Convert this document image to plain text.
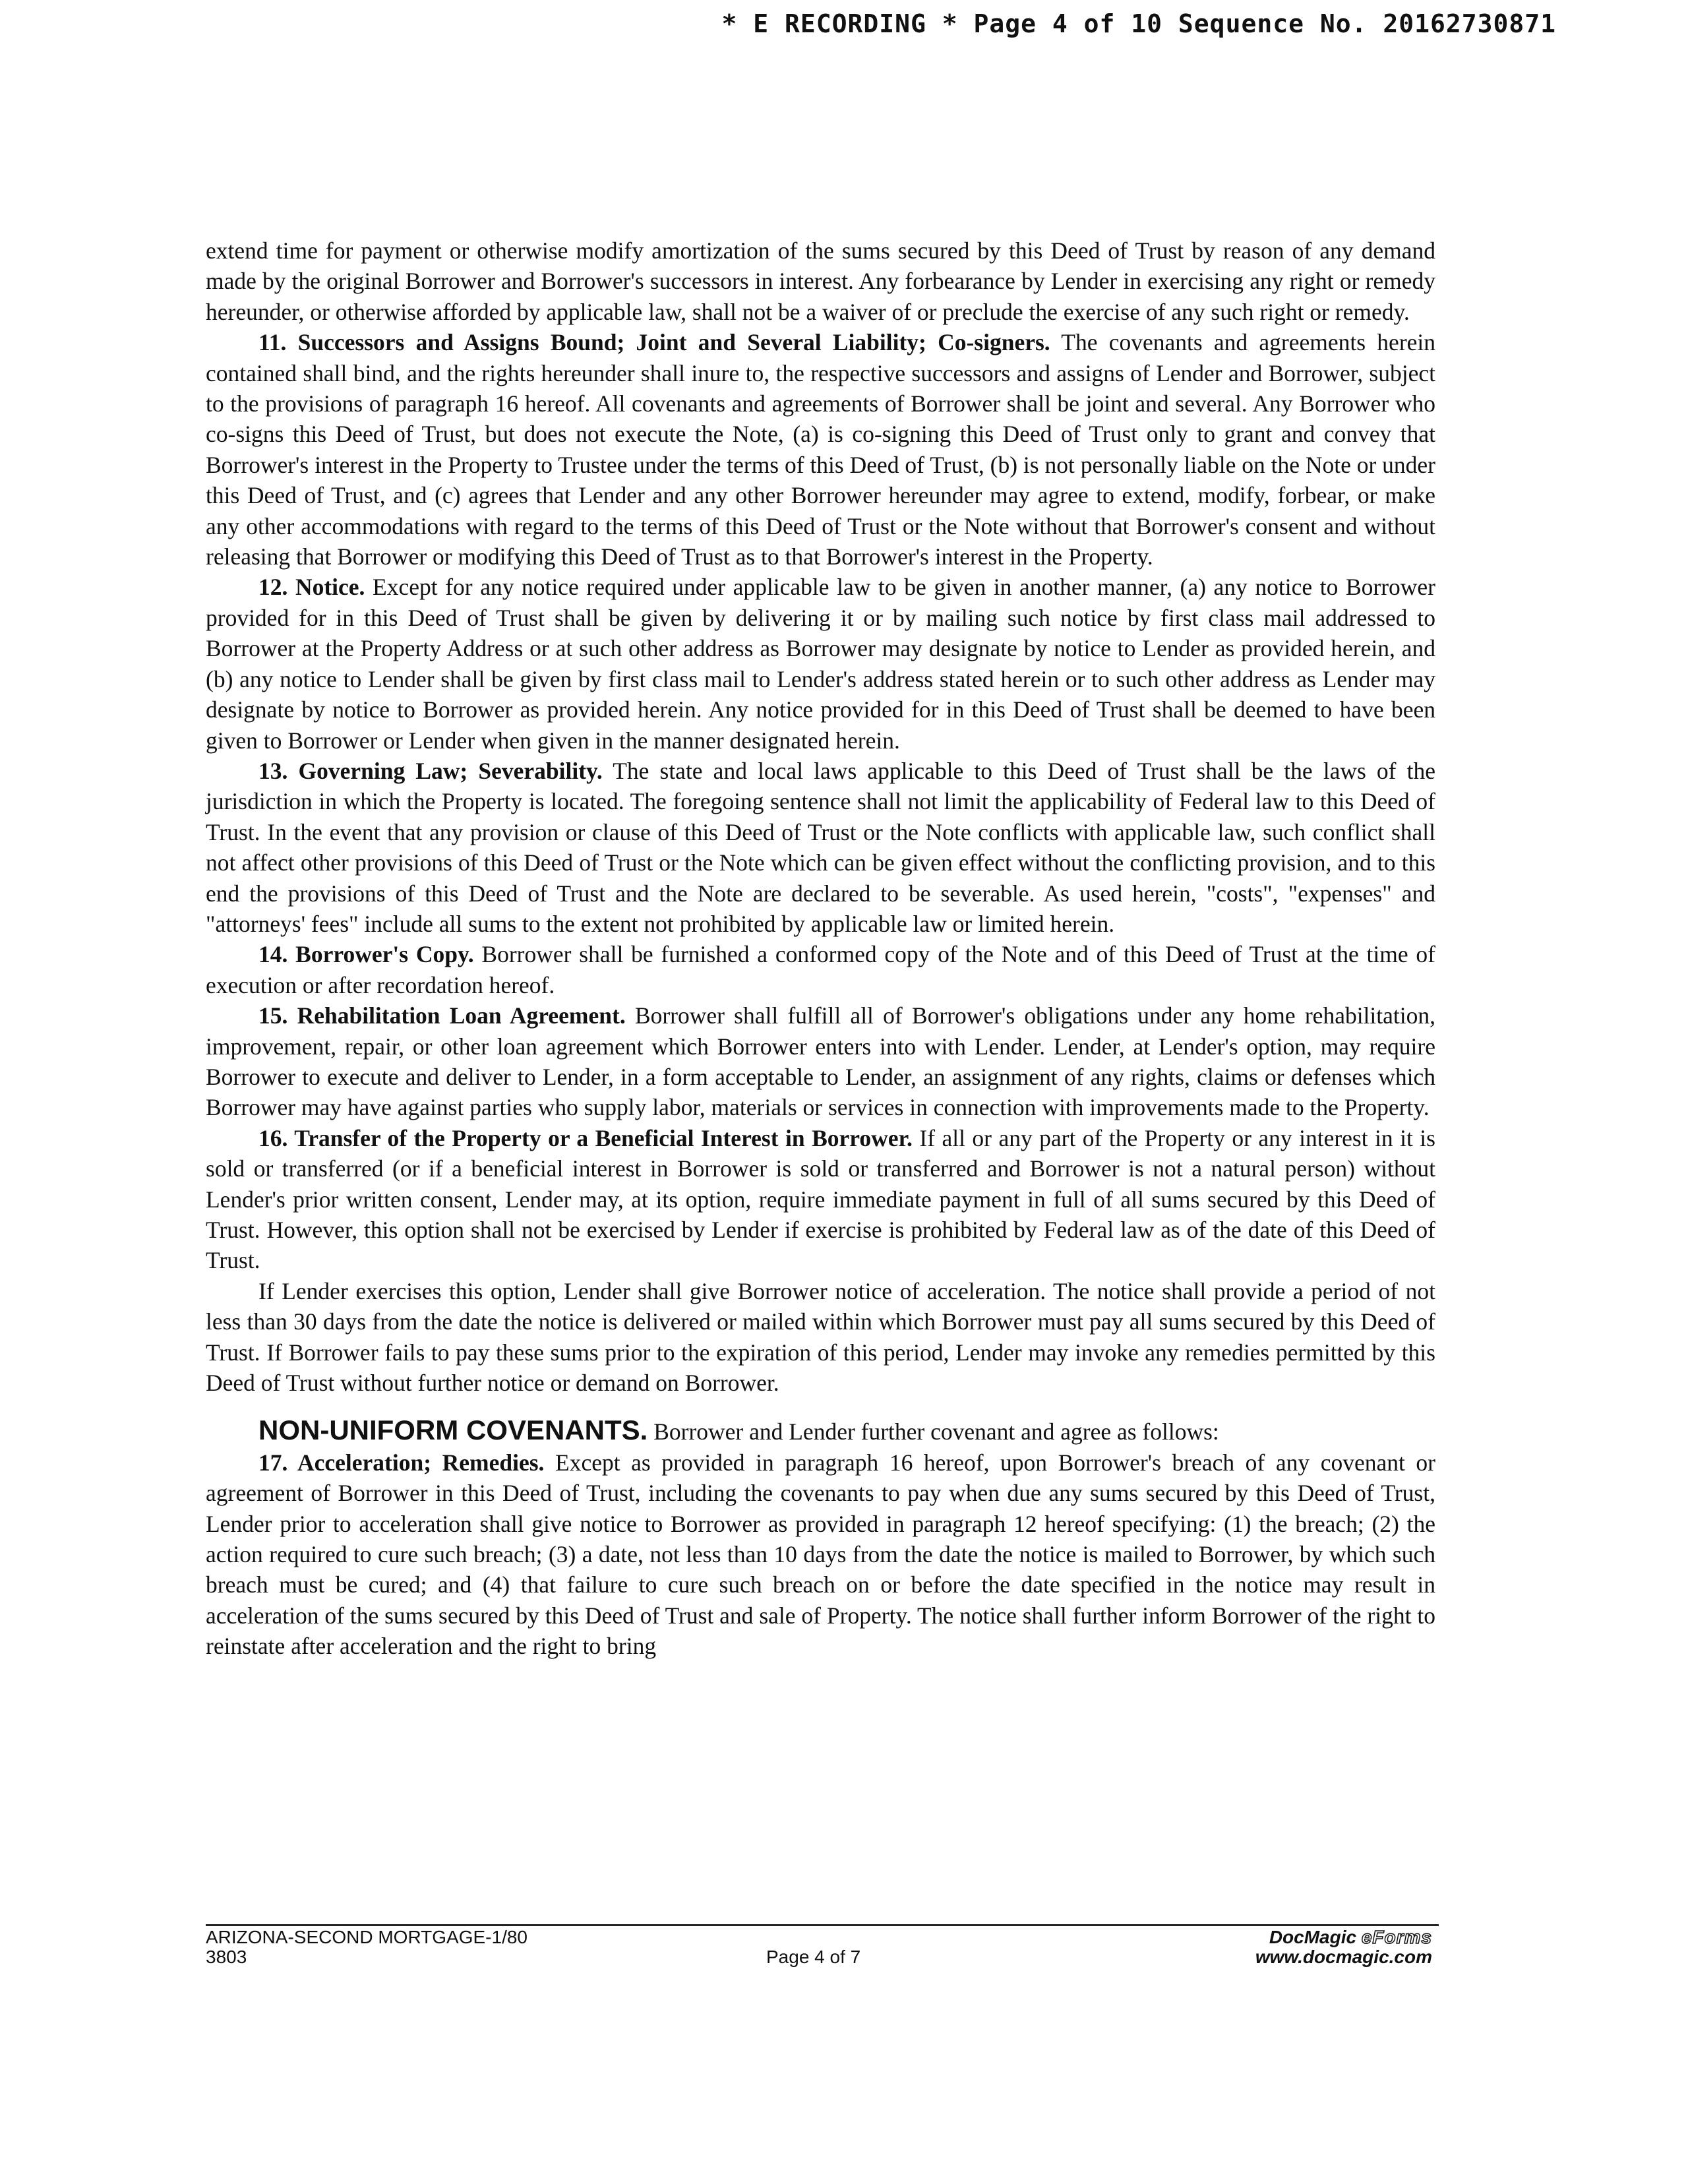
* E RECORDING * Page 4 of 10 Sequence No. 20162730871

extend time for payment or otherwise modify amortization of the sums secured by this Deed of Trust by reason of any demand made by the original Borrower and Borrower's successors in interest. Any forbearance by Lender in exercising any right or remedy hereunder, or otherwise afforded by applicable law, shall not be a waiver of or preclude the exercise of any such right or remedy.

11. Successors and Assigns Bound; Joint and Several Liability; Co-signers. The covenants and agreements herein contained shall bind, and the rights hereunder shall inure to, the respective successors and assigns of Lender and Borrower, subject to the provisions of paragraph 16 hereof. All covenants and agreements of Borrower shall be joint and several. Any Borrower who co-signs this Deed of Trust, but does not execute the Note, (a) is co-signing this Deed of Trust only to grant and convey that Borrower's interest in the Property to Trustee under the terms of this Deed of Trust, (b) is not personally liable on the Note or under this Deed of Trust, and (c) agrees that Lender and any other Borrower hereunder may agree to extend, modify, forbear, or make any other accommodations with regard to the terms of this Deed of Trust or the Note without that Borrower's consent and without releasing that Borrower or modifying this Deed of Trust as to that Borrower's interest in the Property.

12. Notice. Except for any notice required under applicable law to be given in another manner, (a) any notice to Borrower provided for in this Deed of Trust shall be given by delivering it or by mailing such notice by first class mail addressed to Borrower at the Property Address or at such other address as Borrower may designate by notice to Lender as provided herein, and (b) any notice to Lender shall be given by first class mail to Lender's address stated herein or to such other address as Lender may designate by notice to Borrower as provided herein. Any notice provided for in this Deed of Trust shall be deemed to have been given to Borrower or Lender when given in the manner designated herein.

13. Governing Law; Severability. The state and local laws applicable to this Deed of Trust shall be the laws of the jurisdiction in which the Property is located. The foregoing sentence shall not limit the applicability of Federal law to this Deed of Trust. In the event that any provision or clause of this Deed of Trust or the Note conflicts with applicable law, such conflict shall not affect other provisions of this Deed of Trust or the Note which can be given effect without the conflicting provision, and to this end the provisions of this Deed of Trust and the Note are declared to be severable. As used herein, "costs", "expenses" and "attorneys' fees" include all sums to the extent not prohibited by applicable law or limited herein.

14. Borrower's Copy. Borrower shall be furnished a conformed copy of the Note and of this Deed of Trust at the time of execution or after recordation hereof.

15. Rehabilitation Loan Agreement. Borrower shall fulfill all of Borrower's obligations under any home rehabilitation, improvement, repair, or other loan agreement which Borrower enters into with Lender. Lender, at Lender's option, may require Borrower to execute and deliver to Lender, in a form acceptable to Lender, an assignment of any rights, claims or defenses which Borrower may have against parties who supply labor, materials or services in connection with improvements made to the Property.

16. Transfer of the Property or a Beneficial Interest in Borrower. If all or any part of the Property or any interest in it is sold or transferred (or if a beneficial interest in Borrower is sold or transferred and Borrower is not a natural person) without Lender's prior written consent, Lender may, at its option, require immediate payment in full of all sums secured by this Deed of Trust. However, this option shall not be exercised by Lender if exercise is prohibited by Federal law as of the date of this Deed of Trust.

If Lender exercises this option, Lender shall give Borrower notice of acceleration. The notice shall provide a period of not less than 30 days from the date the notice is delivered or mailed within which Borrower must pay all sums secured by this Deed of Trust. If Borrower fails to pay these sums prior to the expiration of this period, Lender may invoke any remedies permitted by this Deed of Trust without further notice or demand on Borrower.

NON-UNIFORM COVENANTS. Borrower and Lender further covenant and agree as follows:

17. Acceleration; Remedies. Except as provided in paragraph 16 hereof, upon Borrower's breach of any covenant or agreement of Borrower in this Deed of Trust, including the covenants to pay when due any sums secured by this Deed of Trust, Lender prior to acceleration shall give notice to Borrower as provided in paragraph 12 hereof specifying: (1) the breach; (2) the action required to cure such breach; (3) a date, not less than 10 days from the date the notice is mailed to Borrower, by which such breach must be cured; and (4) that failure to cure such breach on or before the date specified in the notice may result in acceleration of the sums secured by this Deed of Trust and sale of Property. The notice shall further inform Borrower of the right to reinstate after acceleration and the right to bring

ARIZONA-SECOND MORTGAGE-1/80
3803	Page 4 of 7
DocMagic eForms
www.docmagic.com
